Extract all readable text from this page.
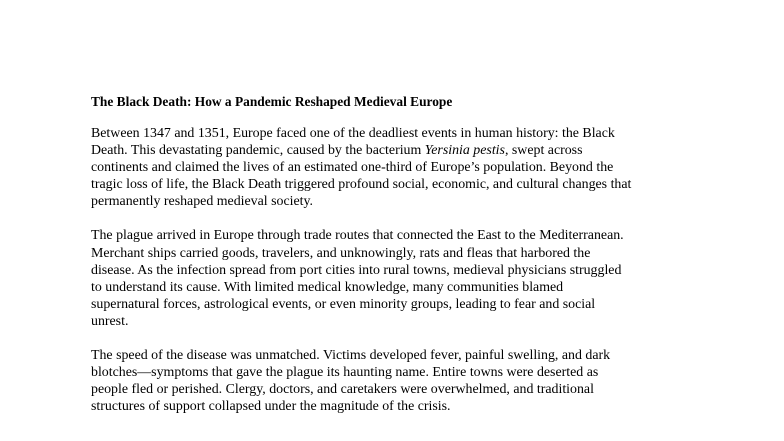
The Black Death: How a Pandemic Reshaped Medieval Europe
Between 1347 and 1351, Europe faced one of the deadliest events in human history: the Black
Death. This devastating pandemic, caused by the bacterium Yersinia pestis, swept across
continents and claimed the lives of an estimated one-third of Europe’s population. Beyond the
tragic loss of life, the Black Death triggered profound social, economic, and cultural changes that
permanently reshaped medieval society.
The plague arrived in Europe through trade routes that connected the East to the Mediterranean.
Merchant ships carried goods, travelers, and unknowingly, rats and fleas that harbored the
disease. As the infection spread from port cities into rural towns, medieval physicians struggled
to understand its cause. With limited medical knowledge, many communities blamed
supernatural forces, astrological events, or even minority groups, leading to fear and social
unrest.
The speed of the disease was unmatched. Victims developed fever, painful swelling, and dark
blotches—symptoms that gave the plague its haunting name. Entire towns were deserted as
people fled or perished. Clergy, doctors, and caretakers were overwhelmed, and traditional
structures of support collapsed under the magnitude of the crisis.
